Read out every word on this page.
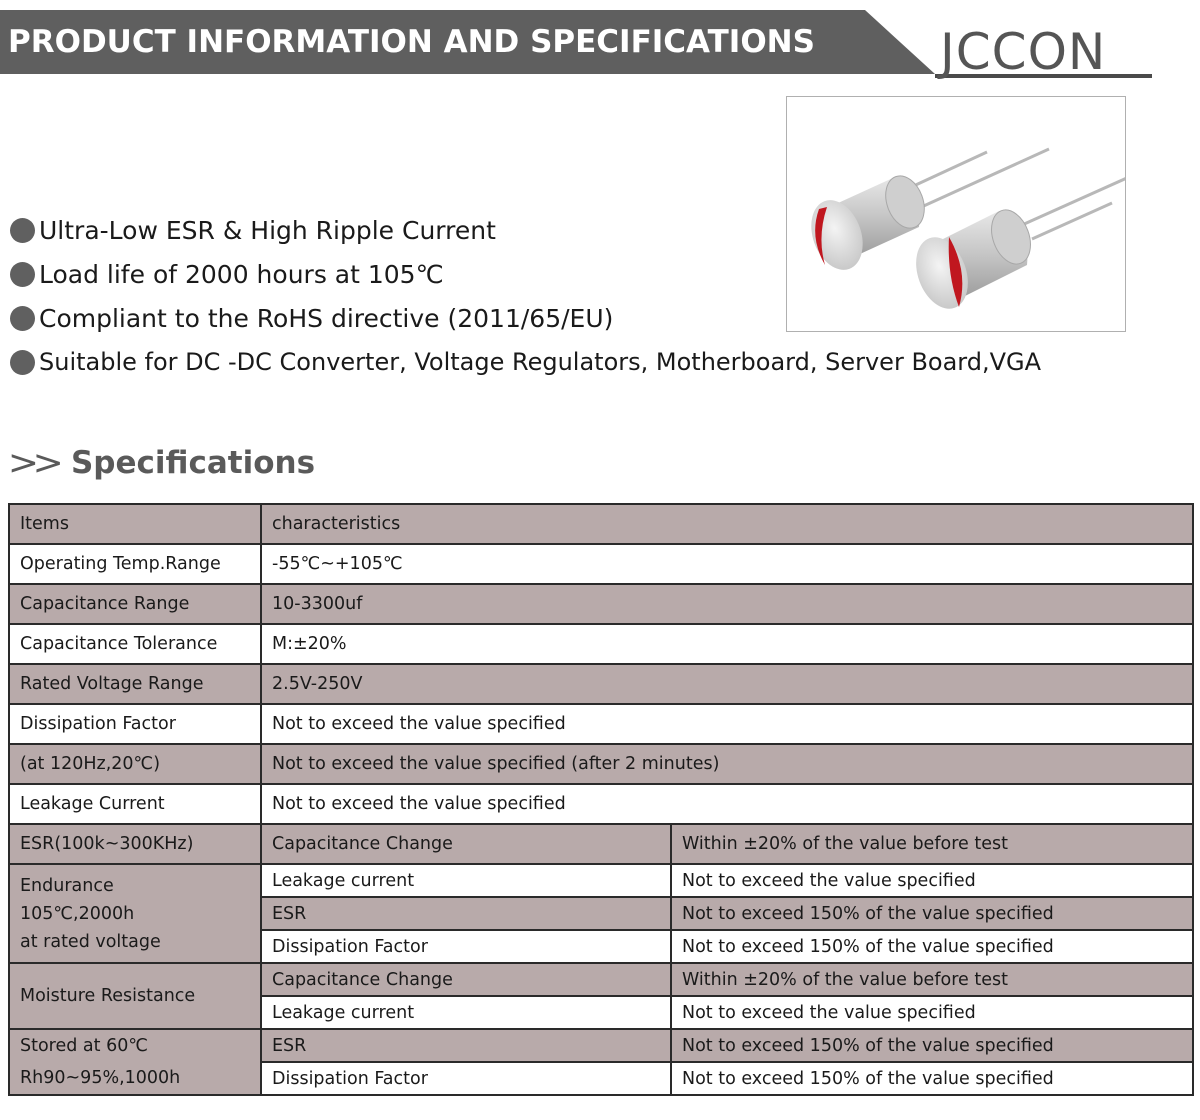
PRODUCT INFORMATION AND SPECIFICATIONS	JCCON
Ultra-Low ESR & High Ripple Current
Load life of 2000 hours at 105℃
Compliant to the RoHS directive (2011/65/EU)
Suitable for DC -DC Converter, Voltage Regulators, Motherboard, Server Board,VGA
>> Specifications
Items	characteristics	
Operating Temp.Range	-55℃~+105℃	
Capacitance Range	10-3300uf	
Capacitance Tolerance	M:±20%	
Rated Voltage Range	2.5V-250V	
Dissipation Factor	Not to exceed the value specified	
(at 120Hz,20℃)	Not to exceed the value specified (after 2 minutes)	
Leakage Current	Not to exceed the value specified	
ESR(100k~300KHz)	Capacitance Change	Within ±20% of the value before test

Endurance
105℃,2000h
at rated voltage	Leakage current	Not to exceed the value specified
	ESR	Not to exceed 150% of the value specified
	Dissipation Factor	Not to exceed 150% of the value specified
Moisture Resistance	Capacitance Change	Within ±20% of the value before test
	Leakage current	Not to exceed the value specified

Stored at 60℃
Rh90~95%,1000h	ESR	Not to exceed 150% of the value specified
	Dissipation Factor	Not to exceed 150% of the value specified
